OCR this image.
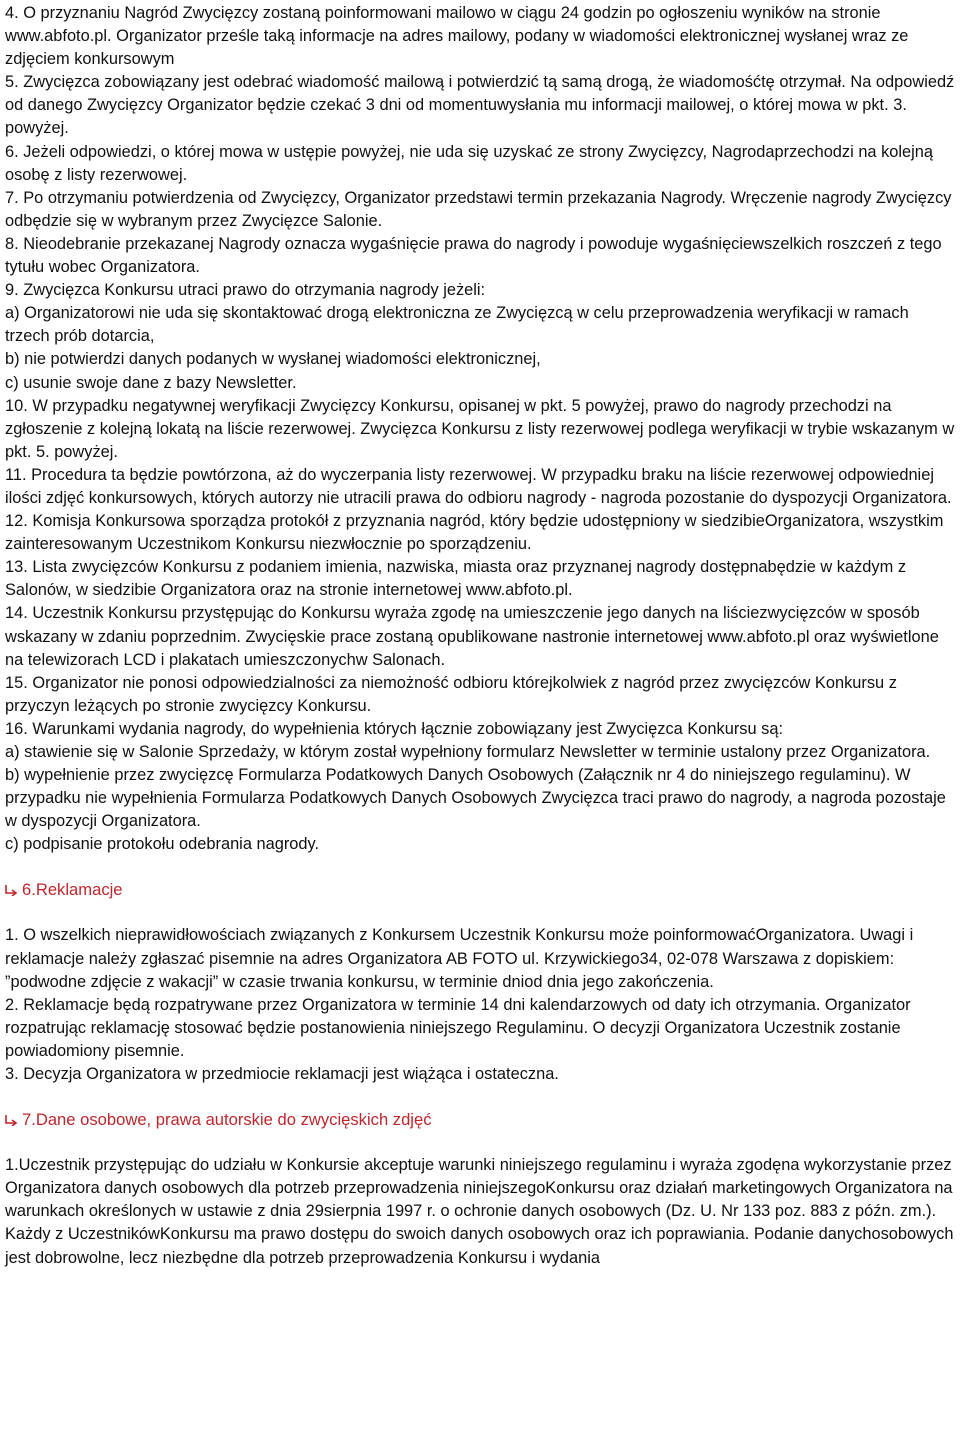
4. O przyznaniu Nagród Zwycięzcy zostaną poinformowani mailowo w ciągu 24 godzin po ogłoszeniu wyników na stronie www.abfoto.pl. Organizator prześle taką informacje na adres mailowy, podany w wiadomości elektronicznej wysłanej wraz ze zdjęciem konkursowym

5. Zwycięzca zobowiązany jest odebrać wiadomość mailową i potwierdzić tą samą drogą, że wiadomośćtę otrzymał. Na odpowiedź od danego Zwycięzcy Organizator będzie czekać 3 dni od momentuwysłania mu informacji mailowej, o której mowa w pkt. 3. powyżej.

6. Jeżeli odpowiedzi, o której mowa w ustępie powyżej, nie uda się uzyskać ze strony Zwycięzcy, Nagrodaprzechodzi na kolejną osobę z listy rezerwowej.

7. Po otrzymaniu potwierdzenia od Zwycięzcy, Organizator przedstawi termin przekazania Nagrody. Wręczenie nagrody Zwycięzcy odbędzie się w wybranym przez Zwycięzce Salonie.

8. Nieodebranie przekazanej Nagrody oznacza wygaśnięcie prawa do nagrody i powoduje wygaśnięciewszelkich roszczeń z tego tytułu wobec Organizatora.

9. Zwycięzca Konkursu utraci prawo do otrzymania nagrody jeżeli:

a) Organizatorowi nie uda się skontaktować drogą elektroniczna ze Zwycięzcą w celu przeprowadzenia weryfikacji w ramach trzech prób dotarcia,

b) nie potwierdzi danych podanych w wysłanej wiadomości elektronicznej,

c) usunie swoje dane z bazy Newsletter.

10. W przypadku negatywnej weryfikacji Zwycięzcy Konkursu, opisanej w pkt. 5 powyżej, prawo do nagrody przechodzi na zgłoszenie z kolejną lokatą na liście rezerwowej. Zwycięzca Konkursu z listy rezerwowej podlega weryfikacji w trybie wskazanym w pkt. 5. powyżej.

11. Procedura ta będzie powtórzona, aż do wyczerpania listy rezerwowej. W przypadku braku na liście rezerwowej odpowiedniej ilości zdjęć konkursowych, których autorzy nie utracili prawa do odbioru nagrody - nagroda pozostanie do dyspozycji Organizatora.

12. Komisja Konkursowa sporządza protokół z przyznania nagród, który będzie udostępniony w siedzibieOrganizatora, wszystkim zainteresowanym Uczestnikom Konkursu niezwłocznie po sporządzeniu.

13. Lista zwycięzców Konkursu z podaniem imienia, nazwiska, miasta oraz przyznanej nagrody dostępnabędzie w każdym z Salonów, w siedzibie Organizatora oraz na stronie internetowej www.abfoto.pl.

14. Uczestnik Konkursu przystępując do Konkursu wyraża zgodę na umieszczenie jego danych na liściezwycięzców w sposób wskazany w zdaniu poprzednim. Zwycięskie prace zostaną opublikowane nastronie internetowej www.abfoto.pl oraz wyświetlone na telewizorach LCD i plakatach umieszczonychw Salonach.

15. Organizator nie ponosi odpowiedzialności za niemożność odbioru którejkolwiek z nagród przez zwycięzców Konkursu z przyczyn leżących po stronie zwycięzcy Konkursu.

16. Warunkami wydania nagrody, do wypełnienia których łącznie zobowiązany jest Zwycięzca Konkursu są:

a) stawienie się w Salonie Sprzedaży, w którym został wypełniony formularz Newsletter w terminie ustalony przez Organizatora.

b) wypełnienie przez zwycięzcę Formularza Podatkowych Danych Osobowych (Załącznik nr 4 do niniejszego regulaminu). W przypadku nie wypełnienia Formularza Podatkowych Danych Osobowych Zwycięzca traci prawo do nagrody, a nagroda pozostaje w dyspozycji Organizatora.

c) podpisanie protokołu odebrania nagrody.

6.Reklamacje

1. O wszelkich nieprawidłowościach związanych z Konkursem Uczestnik Konkursu może poinformowaćOrganizatora. Uwagi i reklamacje należy zgłaszać pisemnie na adres Organizatora AB FOTO ul. Krzywickiego34, 02-078 Warszawa z dopiskiem: ”podwodne zdjęcie z wakacji” w czasie trwania konkursu, w terminie dniod dnia jego zakończenia.

2. Reklamacje będą rozpatrywane przez Organizatora w terminie 14 dni kalendarzowych od daty ich otrzymania. Organizator rozpatrując reklamację stosować będzie postanowienia niniejszego Regulaminu. O decyzji Organizatora Uczestnik zostanie powiadomiony pisemnie.

3. Decyzja Organizatora w przedmiocie reklamacji jest wiążąca i ostateczna.

7.Dane osobowe, prawa autorskie do zwycięskich zdjęć

1.Uczestnik przystępując do udziału w Konkursie akceptuje warunki niniejszego regulaminu i wyraża zgodęna wykorzystanie przez Organizatora danych osobowych dla potrzeb przeprowadzenia niniejszegoKonkursu oraz działań marketingowych Organizatora na warunkach określonych w ustawie z dnia 29sierpnia 1997 r. o ochronie danych osobowych (Dz. U. Nr 133 poz. 883 z późn. zm.). Każdy z UczestnikówKonkursu ma prawo dostępu do swoich danych osobowych oraz ich poprawiania. Podanie danychosobowych jest dobrowolne, lecz niezbędne dla potrzeb przeprowadzenia Konkursu i wydania
